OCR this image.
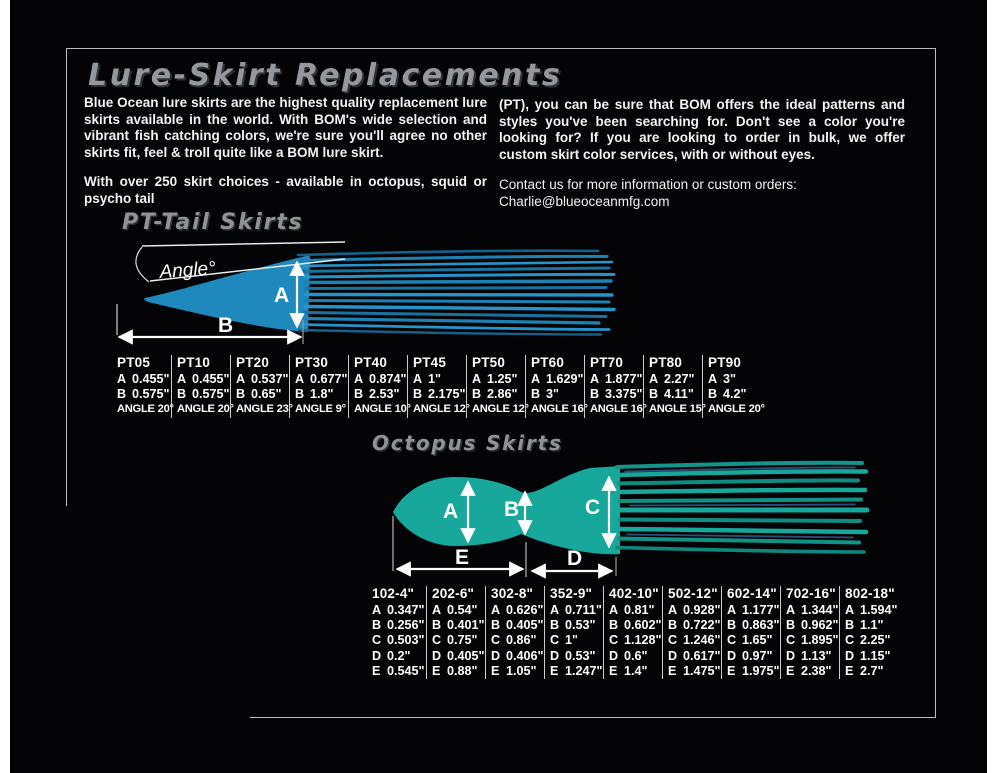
Lure-Skirt Replacements

Blue Ocean lure skirts are the highest quality replacement lure skirts available in the world. With BOM's wide selection and vibrant fish catching colors, we're sure you'll agree no other skirts fit, feel & troll quite like a BOM lure skirt.

With over 250 skirt choices - available in octopus, squid or psycho tail

(PT), you can be sure that BOM offers the ideal patterns and styles you've been searching for. Don't see a color you're looking for? If you are looking to order in bulk, we offer custom skirt color services, with or without eyes.

Contact us for more information or custom orders:
Charlie@blueoceanmfg.com
PT-Tail Skirts
Angle°
A
B
PT05
A 0.455"
B 0.575"
ANGLE 20°
PT10
A 0.455"
B 0.575"
ANGLE 20°
PT20
A 0.537"
B 0.65"
ANGLE 23°
PT30
A 0.677"
B 1.8"
ANGLE 9°
PT40
A 0.874"
B 2.53"
ANGLE 10°
PT45
A 1"
B 2.175"
ANGLE 12°
PT50
A 1.25"
B 2.86"
ANGLE 12°
PT60
A 1.629"
B 3"
ANGLE 16°
PT70
A 1.877"
B 3.375"
ANGLE 16°
PT80
A 2.27"
B 4.11"
ANGLE 15°
PT90
A 3"
B 4.2"
ANGLE 20°
Octopus Skirts
A B	C
E	D
102-4"
A 0.347"
B 0.256"
C 0.503"
D 0.2"
E 0.545"
202-6"
A 0.54"
B 0.401"
C 0.75"
D 0.405"
E 0.88"
302-8"
A 0.626"
B 0.405"
C 0.86"
D 0.406"
E 1.05"
352-9"
A 0.711"
B 0.53"
C 1"
D 0.53"
E 1.247"
402-10"
A 0.81"
B 0.602"
C 1.128"
D 0.6"
E 1.4"
502-12"
A 0.928"
B 0.722"
C 1.246"
D 0.617"
E 1.475"
602-14"
A 1.177"
B 0.863"
C 1.65"
D 0.97"
E 1.975"
702-16"
A 1.344"
B 0.962"
C 1.895"
D 1.13"
E 2.38"
802-18"
A 1.594"
B 1.1"
C 2.25"
D 1.15"
E 2.7"
